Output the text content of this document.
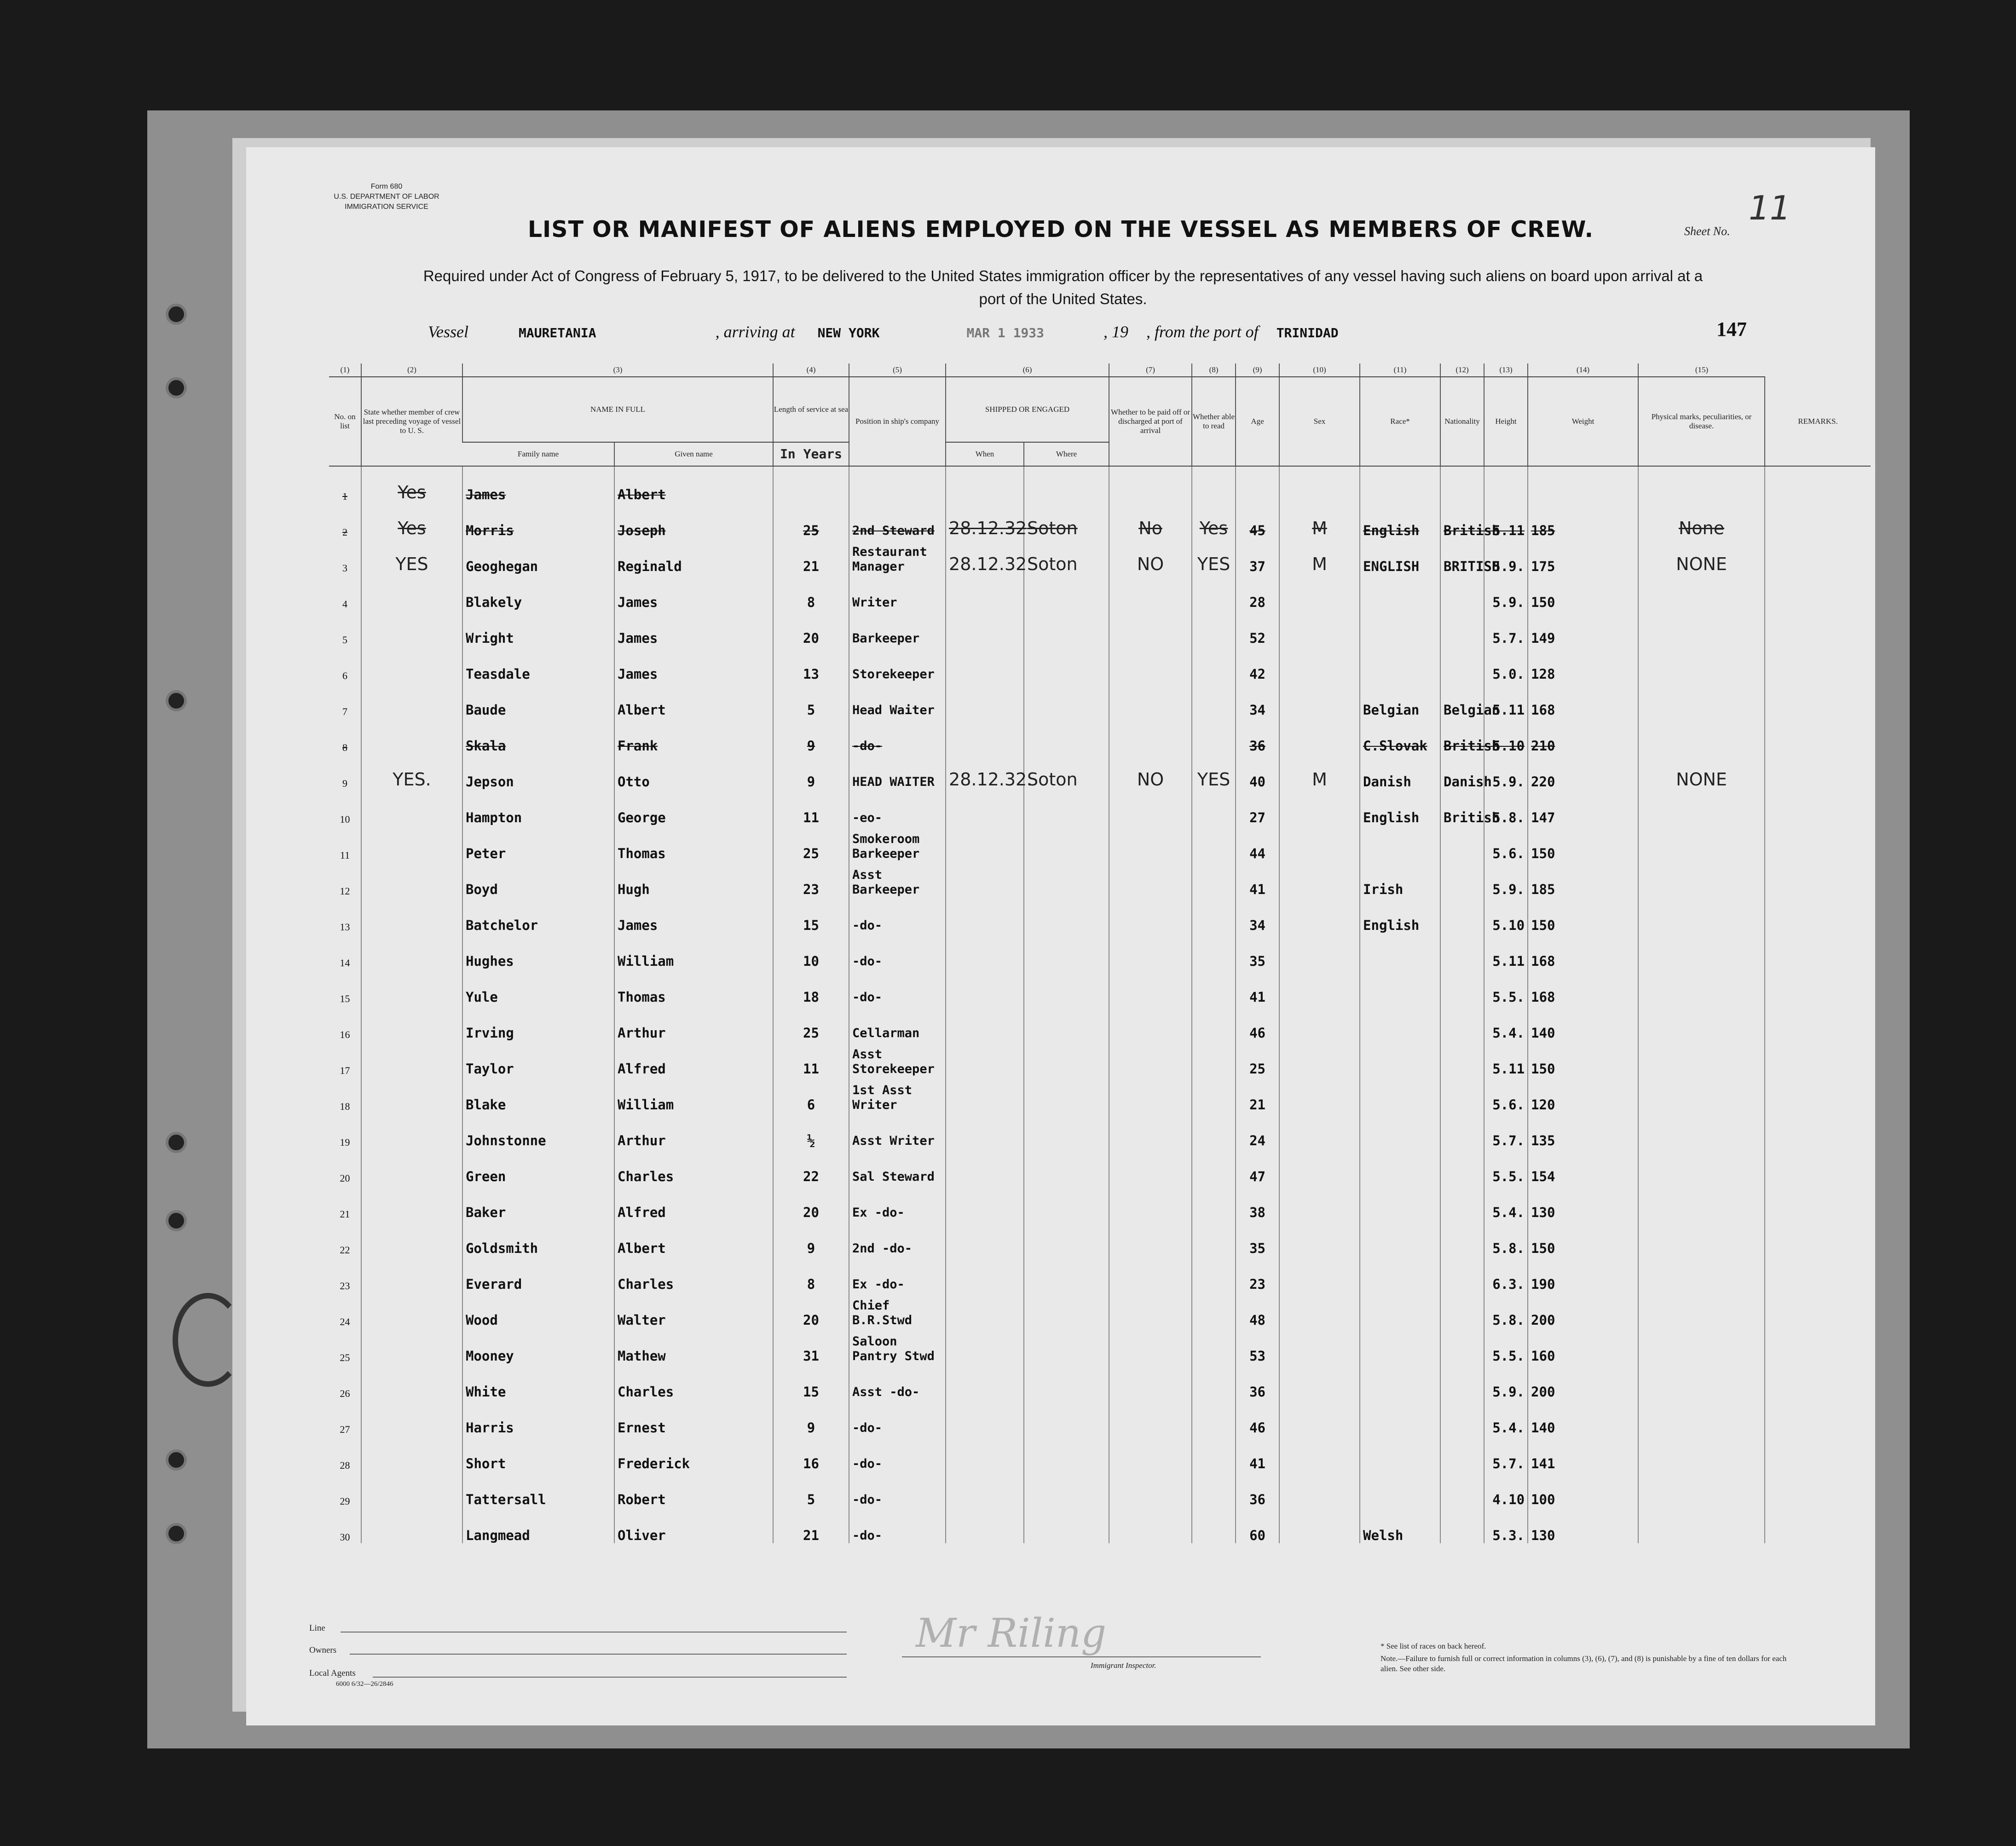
Form 680
U.S. DEPARTMENT OF LABOR
IMMIGRATION SERVICE
LIST OR MANIFEST OF ALIENS EMPLOYED ON THE VESSEL AS MEMBERS OF CREW.
Required under Act of Congress of February 5, 1917, to be delivered to the United States immigration officer by the representatives of any vessel having such aliens on board upon arrival at a port of the United States.
Sheet No.
11
Vessel	MAURETANIA	, arriving at NEW YORK	MAR 1 1933	, 19 , from the port of TRINIDAD	147
(1)	(2)	(3)		(4)	(5)	(6)		(7)	(8)	(9)	(10)	(11)	(12)	(13)	(14)	(15)	
No. on list	State whether member of crew last preceding voyage of vessel to U. S.	NAME IN FULL		Length of service at sea	Position in ship's company	SHIPPED OR ENGAGED		Whether to be paid off or discharged at port of arrival	Whether able to read	Age	Sex	Race*	Nationality	Height	Weight	Physical marks, peculiarities, or disease.	REMARKS.
		Family name	Given name	In Years		When	Where										
1	Yes	James	Albert														
2	Yes	Morris	Joseph	25	2nd Steward	28.12.32	Soton	No	Yes	45	M	English	British	5.11	185	None	
3	YES	Geoghegan	Reginald	21	Restaurant Manager	28.12.32	Soton	NO	YES	37	M	ENGLISH	BRITISH	5.9.	175	NONE	
4		Blakely	James	8	Writer					28				5.9.	150		
5		Wright	James	20	Barkeeper					52				5.7.	149		
6		Teasdale	James	13	Storekeeper					42				5.0.	128		
7		Baude	Albert	5	Head Waiter					34		Belgian	Belgian	5.11	168		
8		Skala	Frank	9	-do-					36		C.Slovak	British	5.10	210		
9	YES.	Jepson	Otto	9	HEAD WAITER	28.12.32.	Soton	NO	YES	40	M	Danish	Danish	5.9.	220	NONE	
10		Hampton	George	11	-eo-					27		English	British	5.8.	147		
11		Peter	Thomas	25	Smokeroom Barkeeper					44				5.6.	150		
12		Boyd	Hugh	23	Asst Barkeeper					41		Irish		5.9.	185		
13		Batchelor	James	15	-do-					34		English		5.10	150		
14		Hughes	William	10	-do-					35				5.11	168		
15		Yule	Thomas	18	-do-					41				5.5.	168		
16		Irving	Arthur	25	Cellarman					46				5.4.	140		
17		Taylor	Alfred	11	Asst Storekeeper					25				5.11	150		
18		Blake	William	6	1st Asst Writer					21				5.6.	120		
19		Johnstonne	Arthur	½	Asst Writer					24				5.7.	135		
20		Green	Charles	22	Sal Steward					47				5.5.	154		
21		Baker	Alfred	20	Ex -do-					38				5.4.	130		
22		Goldsmith	Albert	9	2nd -do-					35				5.8.	150		
23		Everard	Charles	8	Ex -do-					23				6.3.	190		
24		Wood	Walter	20	Chief B.R.Stwd					48				5.8.	200		
25		Mooney	Mathew	31	Saloon Pantry Stwd					53				5.5.	160		
26		White	Charles	15	Asst -do-					36				5.9.	200		
27		Harris	Ernest	9	-do-					46				5.4.	140		
28		Short	Frederick	16	-do-					41				5.7.	141		
29		Tattersall	Robert	5	-do-					36				4.10	100		
30		Langmead	Oliver	21	-do-					60		Welsh		5.3.	130		
Line
Owners
Local Agents
6000 6/32—26/2846
Mr Riling
Immigrant Inspector.
* See list of races on back hereof.
Note.—Failure to furnish full or correct information in columns (3), (6), (7), and (8) is punishable by a fine of ten dollars for each alien. See other side.
